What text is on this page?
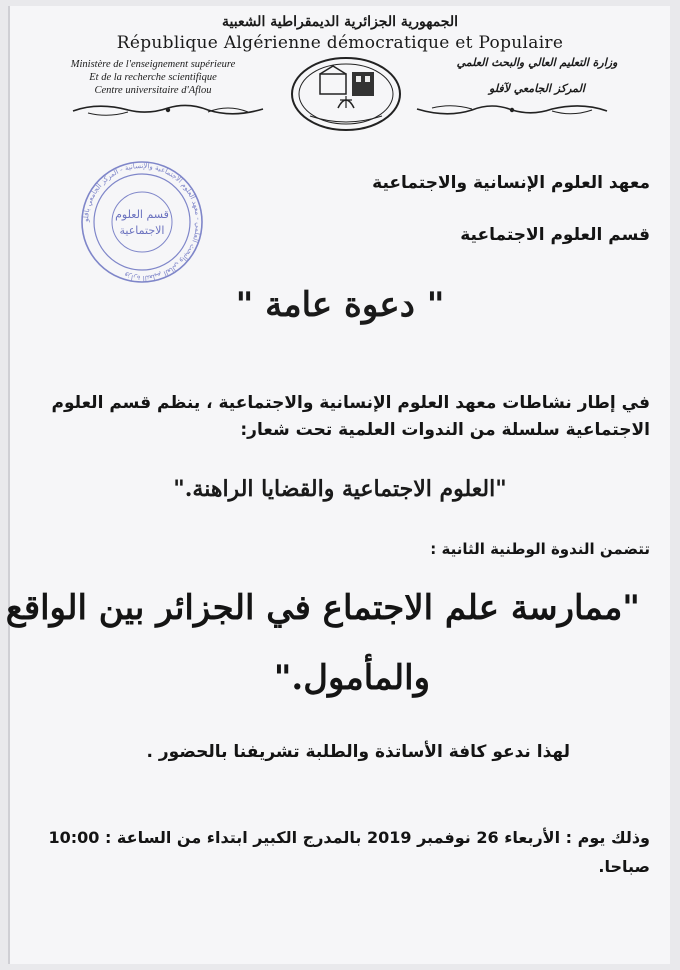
الجمهورية الجزائرية الديمقراطية الشعبية
République Algérienne démocratique et Populaire
Ministère de l'enseignement supérieure
Et de la recherche scientifique
Centre universitaire d'Aflou
وزارة التعليم العالي والبحث العلمي
المركز الجامعي لآفلو
وزارة التعليم العالي والبحث العلمي - معهد العلوم الاجتماعية والإنسانية - المركز الجامعي بآفلو
قسم العلوم
الاجتماعية
معهد العلوم الإنسانية والاجتماعية
قسم العلوم الاجتماعية
" دعوة عامة "
في إطار نشاطات معهد العلوم الإنسانية والاجتماعية ، ينظم قسم العلوم
الاجتماعية سلسلة من الندوات العلمية تحت شعار:
"العلوم الاجتماعية والقضايا الراهنة."
تتضمن الندوة الوطنية الثانية :
"ممارسة علم الاجتماع في الجزائر بين الواقع
والمأمول."
لهذا ندعو كافة الأساتذة والطلبة تشريفنا بالحضور .
وذلك يوم : الأربعاء 26 نوفمبر 2019 بالمدرج الكبير ابتداء من الساعة : 10:00
صباحا.
